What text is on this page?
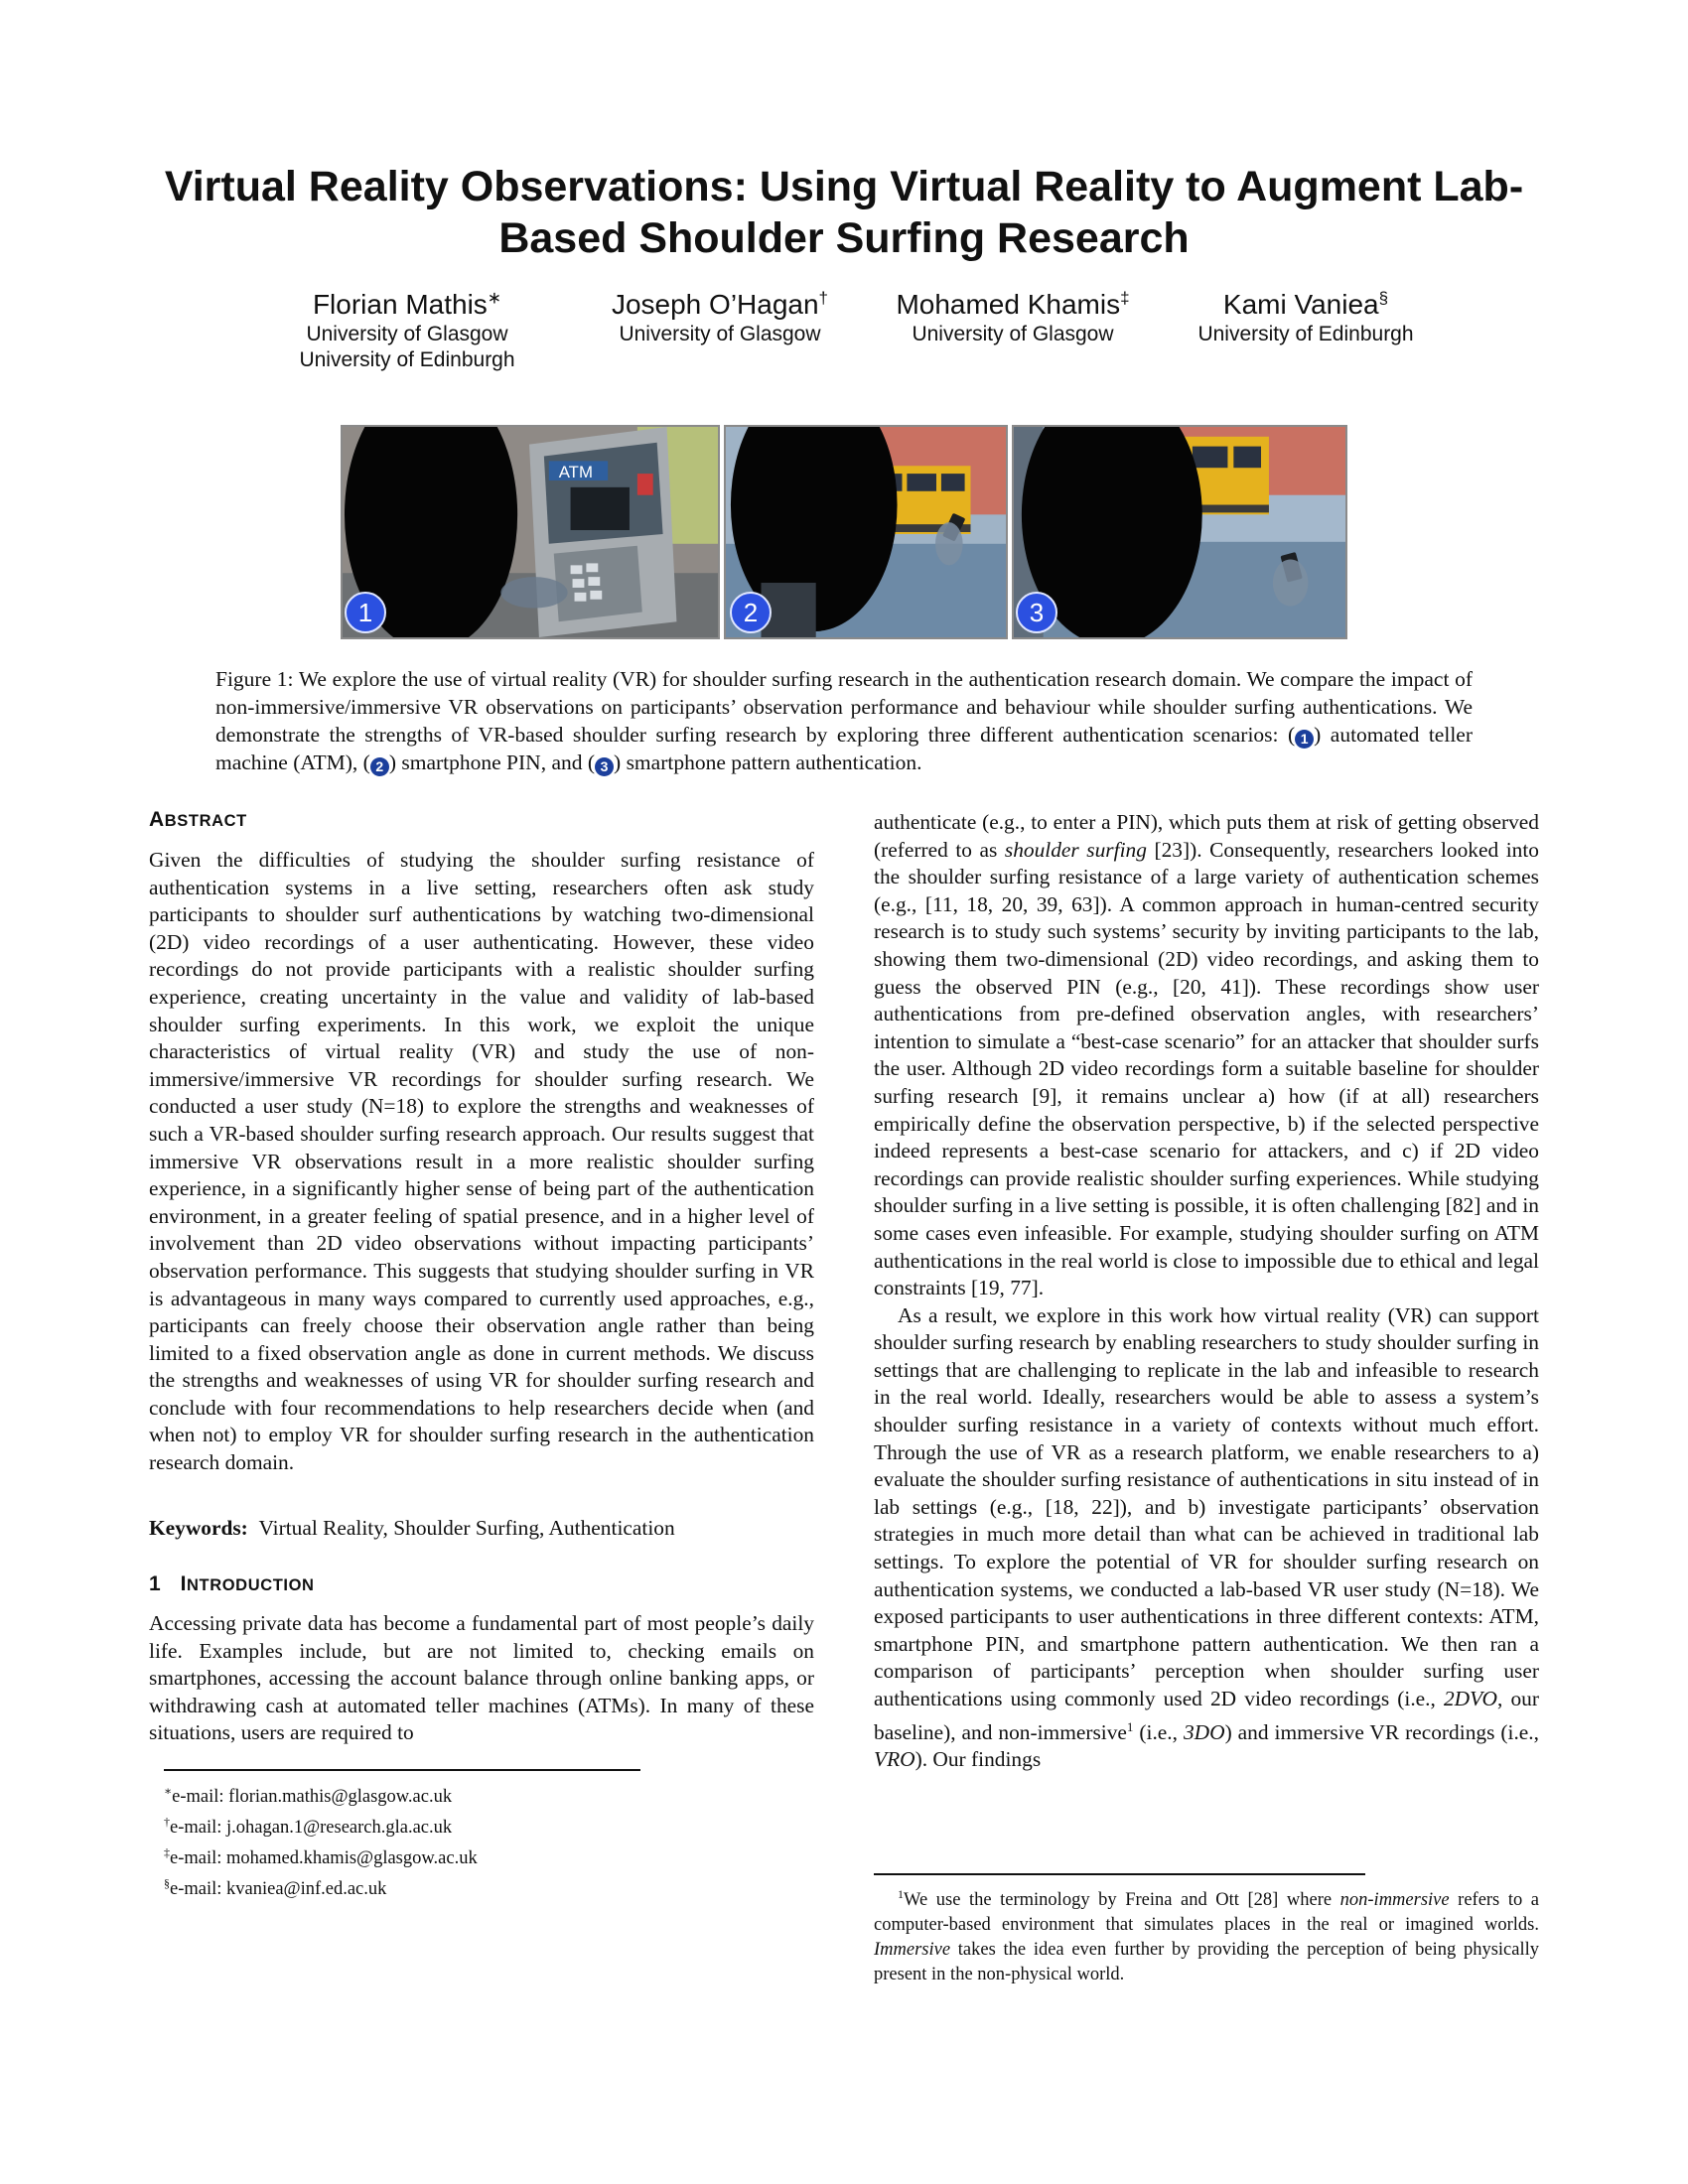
Virtual Reality Observations: Using Virtual Reality to Augment Lab-Based Shoulder Surfing Research
Florian Mathis∗
University of Glasgow
University of Edinburgh
Joseph O’Hagan†
University of Glasgow
Mohamed Khamis‡
University of Glasgow
Kami Vaniea§
University of Edinburgh
ATM
1	2	3

Figure 1: We explore the use of virtual reality (VR) for shoulder surfing research in the authentication research domain. We compare the impact of non-immersive/immersive VR observations on participants’ observation performance and behaviour while shoulder surfing authentications. We demonstrate the strengths of VR-based shoulder surfing research by exploring three different authentication scenarios: ( 1 ) automated teller machine (ATM), ( 2 ) smartphone PIN, and ( 3 ) smartphone pattern authentication.

ABSTRACT

Given the difficulties of studying the shoulder surfing resistance of authentication systems in a live setting, researchers often ask study participants to shoulder surf authentications by watching two-dimensional (2D) video recordings of a user authenticating. However, these video recordings do not provide participants with a realistic shoulder surfing experience, creating uncertainty in the value and validity of lab-based shoulder surfing experiments. In this work, we exploit the unique characteristics of virtual reality (VR) and study the use of non-immersive/immersive VR recordings for shoulder surfing research. We conducted a user study (N=18) to explore the strengths and weaknesses of such a VR-based shoulder surfing research approach. Our results suggest that immersive VR observations result in a more realistic shoulder surfing experience, in a significantly higher sense of being part of the authentication environment, in a greater feeling of spatial presence, and in a higher level of involvement than 2D video observations without impacting participants’ observation performance. This suggests that studying shoulder surfing in VR is advantageous in many ways compared to currently used approaches, e.g., participants can freely choose their observation angle rather than being limited to a fixed observation angle as done in current methods. We discuss the strengths and weaknesses of using VR for shoulder surfing research and conclude with four recommendations to help researchers decide when (and when not) to employ VR for shoulder surfing research in the authentication research domain.

Keywords: Virtual Reality, Shoulder Surfing, Authentication

1 INTRODUCTION

Accessing private data has become a fundamental part of most people’s daily life. Examples include, but are not limited to, checking emails on smartphones, accessing the account balance through online banking apps, or withdrawing cash at automated teller machines (ATMs). In many of these situations, users are required to

∗e-mail: florian.mathis@glasgow.ac.uk
†e-mail: j.ohagan.1@research.gla.ac.uk
‡e-mail: mohamed.khamis@glasgow.ac.uk
§e-mail: kvaniea@inf.ed.ac.uk

authenticate (e.g., to enter a PIN), which puts them at risk of getting observed (referred to as shoulder surfing [23]). Consequently, researchers looked into the shoulder surfing resistance of a large variety of authentication schemes (e.g., [11, 18, 20, 39, 63]). A common approach in human-centred security research is to study such systems’ security by inviting participants to the lab, showing them two-dimensional (2D) video recordings, and asking them to guess the observed PIN (e.g., [20, 41]). These recordings show user authentications from pre-defined observation angles, with researchers’ intention to simulate a “best-case scenario” for an attacker that shoulder surfs the user. Although 2D video recordings form a suitable baseline for shoulder surfing research [9], it remains unclear a) how (if at all) researchers empirically define the observation perspective, b) if the selected perspective indeed represents a best-case scenario for attackers, and c) if 2D video recordings can provide realistic shoulder surfing experiences. While studying shoulder surfing in a live setting is possible, it is often challenging [82] and in some cases even infeasible. For example, studying shoulder surfing on ATM authentications in the real world is close to impossible due to ethical and legal constraints [19, 77].

As a result, we explore in this work how virtual reality (VR) can support shoulder surfing research by enabling researchers to study shoulder surfing in settings that are challenging to replicate in the lab and infeasible to research in the real world. Ideally, researchers would be able to assess a system’s shoulder surfing resistance in a variety of contexts without much effort. Through the use of VR as a research platform, we enable researchers to a) evaluate the shoulder surfing resistance of authentications in situ instead of in lab settings (e.g., [18, 22]), and b) investigate participants’ observation strategies in much more detail than what can be achieved in traditional lab settings. To explore the potential of VR for shoulder surfing research on authentication systems, we conducted a lab-based VR user study (N=18). We exposed participants to user authentications in three different contexts: ATM, smartphone PIN, and smartphone pattern authentication. We then ran a comparison of participants’ perception when shoulder surfing user authentications using commonly used 2D video recordings (i.e., 2DVO, our baseline), and non-immersive$^1$ (i.e., 3DO) and immersive VR recordings (i.e., VRO). Our findings

$^1$We use the terminology by Freina and Ott [28] where non-immersive refers to a computer-based environment that simulates places in the real or imagined worlds. Immersive takes the idea even further by providing the perception of being physically present in the non-physical world.
